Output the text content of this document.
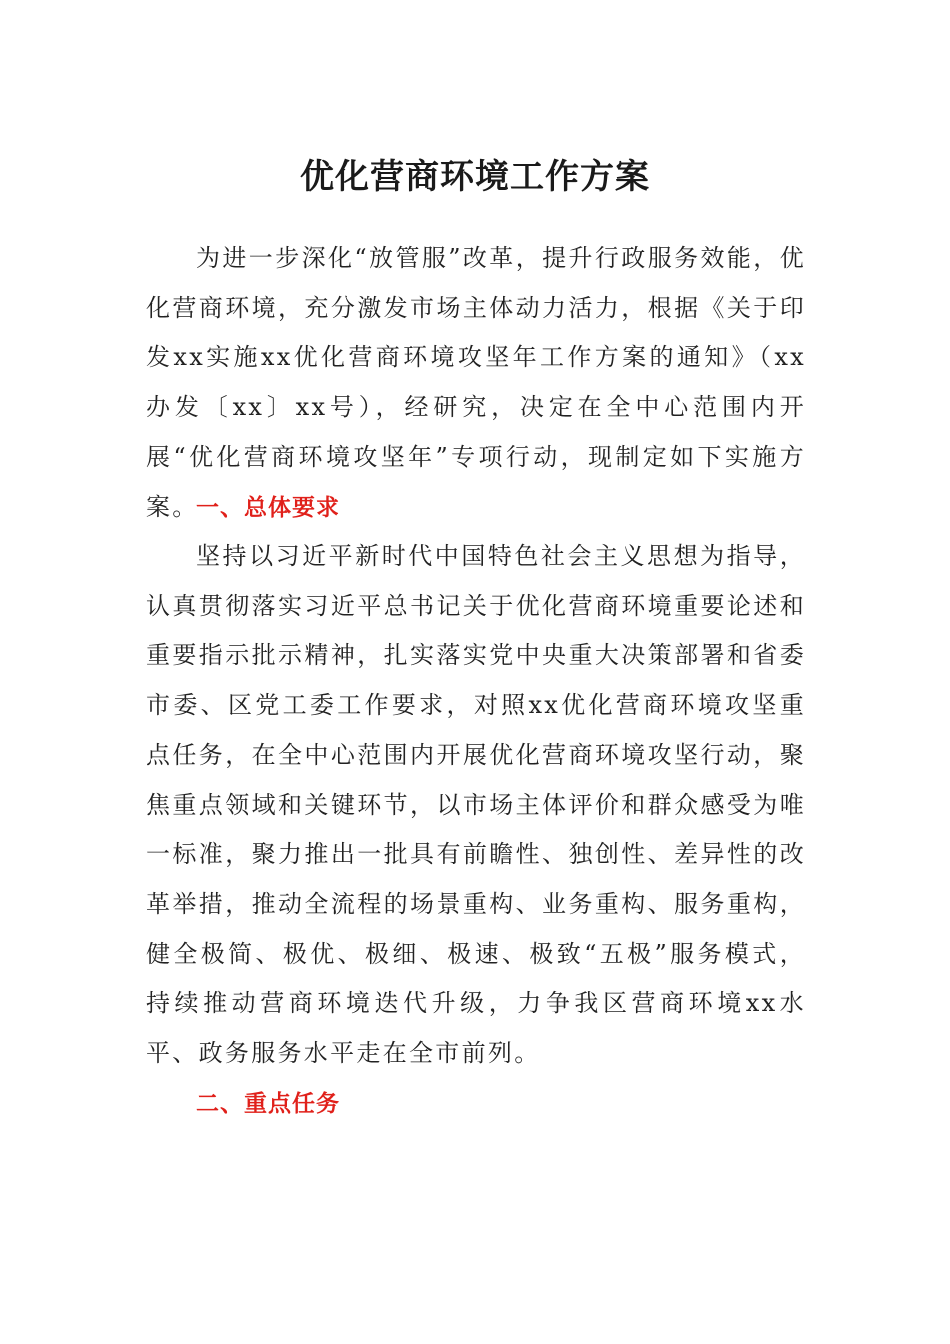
优化营商环境工作方案

为进一步深化“放管服”改革，提升行政服务效能，优化营商环境，充分激发市场主体动力活力，根据《关于印发xx实施xx优化营商环境攻坚年工作方案的通知》（xx办发〔xx〕xx号），经研究，决定在全中心范围内开展“优化营商环境攻坚年”专项行动，现制定如下实施方案。

一、总体要求

坚持以习近平新时代中国特色社会主义思想为指导，认真贯彻落实习近平总书记关于优化营商环境重要论述和重要指示批示精神，扎实落实党中央重大决策部署和省委市委、区党工委工作要求，对照xx优化营商环境攻坚重点任务，在全中心范围内开展优化营商环境攻坚行动，聚焦重点领域和关键环节，以市场主体评价和群众感受为唯一标准，聚力推出一批具有前瞻性、独创性、差异性的改革举措，推动全流程的场景重构、业务重构、服务重构，健全极简、极优、极细、极速、极致“五极”服务模式，持续推动营商环境迭代升级，力争我区营商环境xx水平、政务服务水平走在全市前列。

二、重点任务
